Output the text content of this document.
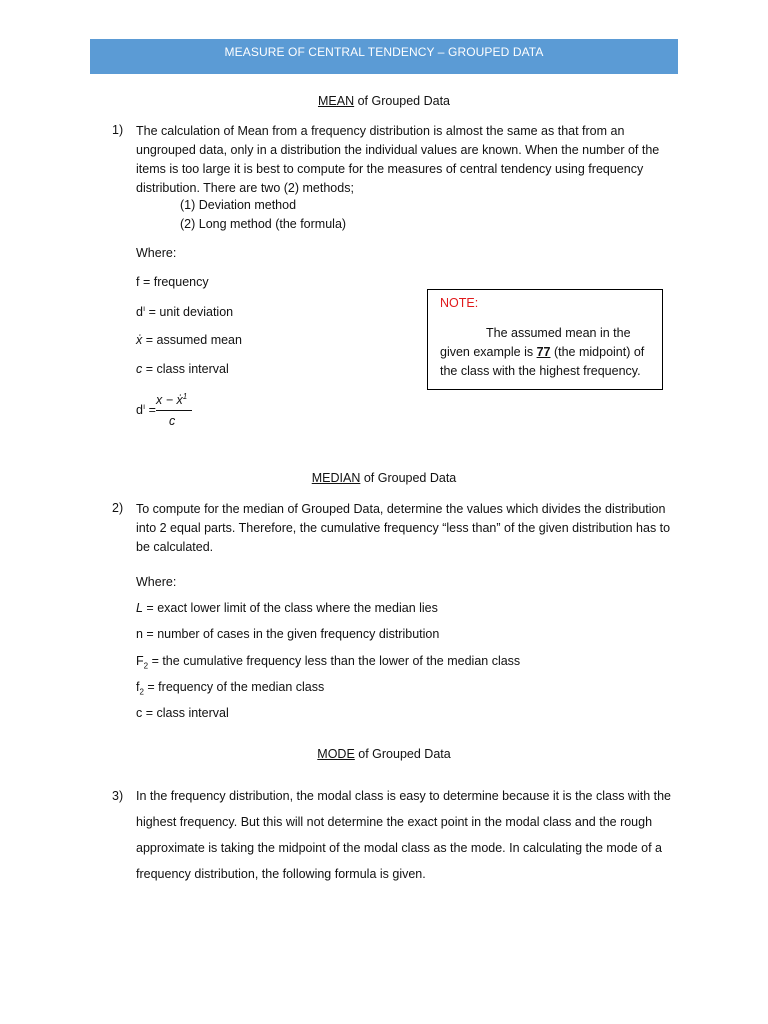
MEASURE OF CENTRAL TENDENCY – GROUPED DATA
MEAN of Grouped Data
1) The calculation of Mean from a frequency distribution is almost the same as that from an ungrouped data, only in a distribution the individual values are known. When the number of the items is too large it is best to compute for the measures of central tendency using frequency distribution. There are two (2) methods;
(1) Deviation method
(2) Long method (the formula)
Where:
f = frequency
$d^ı$ = unit deviation
ẋ = assumed mean
c = class interval
$d^ı$ =
x − ẋ$^1$
c
NOTE:
The assumed mean in the given example is 77 (the midpoint) of the class with the highest frequency.
MEDIAN of Grouped Data
2) To compute for the median of Grouped Data, determine the values which divides the distribution into 2 equal parts. Therefore, the cumulative frequency “less than” of the given distribution has to be calculated.
Where:
L = exact lower limit of the class where the median lies
n = number of cases in the given frequency distribution
$F_2$ = the cumulative frequency less than the lower of the median class
$f_2$ = frequency of the median class
c = class interval
MODE of Grouped Data
3) In the frequency distribution, the modal class is easy to determine because it is the class with the highest frequency. But this will not determine the exact point in the modal class and the rough approximate is taking the midpoint of the modal class as the mode. In calculating the mode of a frequency distribution, the following formula is given.
